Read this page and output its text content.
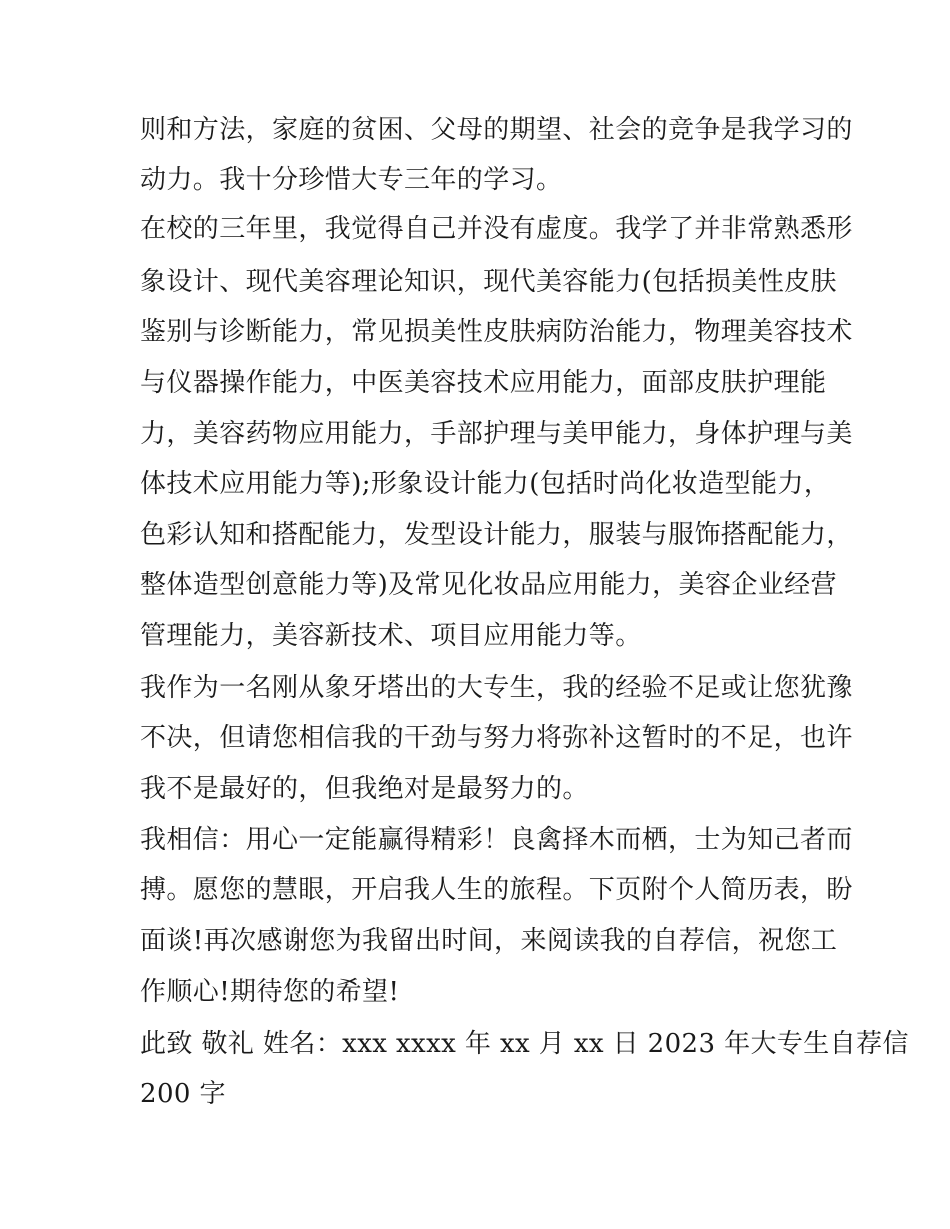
则和方法，家庭的贫困、父母的期望、社会的竞争是我学习的
动力。我十分珍惜大专三年的学习。
在校的三年里，我觉得自己并没有虚度。我学了并非常熟悉形
象设计、现代美容理论知识，现代美容能力(包括损美性皮肤
鉴别与诊断能力，常见损美性皮肤病防治能力，物理美容技术
与仪器操作能力，中医美容技术应用能力，面部皮肤护理能
力，美容药物应用能力，手部护理与美甲能力，身体护理与美
体技术应用能力等);形象设计能力(包括时尚化妆造型能力，
色彩认知和搭配能力，发型设计能力，服装与服饰搭配能力，
整体造型创意能力等)及常见化妆品应用能力，美容企业经营
管理能力，美容新技术、项目应用能力等。
我作为一名刚从象牙塔出的大专生，我的经验不足或让您犹豫
不决，但请您相信我的干劲与努力将弥补这暂时的不足，也许
我不是最好的，但我绝对是最努力的。
我相信：用心一定能赢得精彩！良禽择木而栖，士为知己者而
搏。愿您的慧眼，开启我人生的旅程。下页附个人简历表，盼
面谈!再次感谢您为我留出时间，来阅读我的自荐信，祝您工
作顺心!期待您的希望!
此致 敬礼 姓名：xxx xxxx 年 xx 月 xx 日 2023 年大专生自荐信
200 字
